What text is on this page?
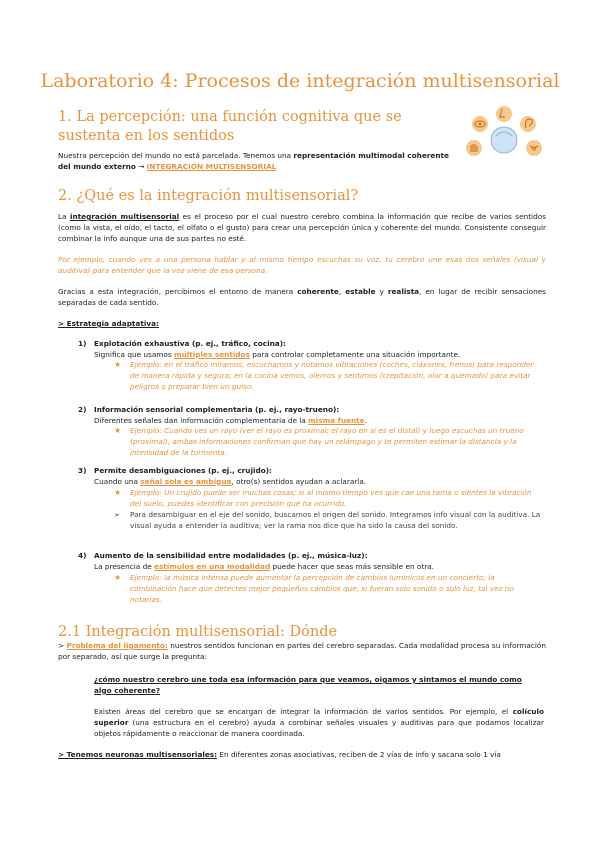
Laboratorio 4: Procesos de integración multisensorial
1. La percepción: una función cognitiva que se sustenta en los sentidos
Nuestra percepción del mundo no está parcelada. Tenemos una representación multimodal coherente del mundo externo → INTEGRACIÓN MULTISENSORIAL
2. ¿Qué es la integración multisensorial?
La integración multisensorial es el proceso por el cual nuestro cerebro combina la información que recibe de varios sentidos (como la vista, el oído, el tacto, el olfato o el gusto) para crear una percepción única y coherente del mundo. Consistente conseguir combinar la info aunque una de sus partes no esté.
Por ejemplo, cuando ves a una persona hablar y al mismo tiempo escuchas su voz, tu cerebro une esas dos señales (visual y auditiva) para entender que la voz viene de esa persona.
Gracias a esta integración, percibimos el entorno de manera coherente, estable y realista, en lugar de recibir sensaciones separadas de cada sentido.
> Estrategia adaptativa:
1) Explotación exhaustiva (p. ej., tráfico, cocina):
Significa que usamos múltiples sentidos para controlar completamente una situación importante.
★ Ejemplo: en el tráfico miramos, escuchamos y notamos vibraciones (coches, cláxones, frenos) para responder de manera rápida y segura; en la cocina vemos, olemos y sentimos (crepitación, olor a quemado) para evitar peligros o preparar bien un guiso.
2) Información sensorial complementaria (p. ej., rayo-trueno):
Diferentes señales dan información complementaria de la misma fuente.
★ Ejemplo: Cuando ves un rayo (ver el rayo es proximal; el rayo en sí es el distal) y luego escuchas un trueno (proximal), ambas informaciones confirman que hay un relámpago y te permiten estimar la distancia y la intensidad de la tormenta.
3) Permite desambiguaciones (p. ej., crujido):
Cuando una señal sola es ambigua, otro(s) sentidos ayudan a aclararla.
★ Ejemplo: Un crujido puede ser muchas cosas; si al mismo tiempo ves que cae una rama o sientes la vibración del suelo, puedes identificar con precisión qué ha ocurrido.
➢ Para desambiguar en el eje del sonido, buscamos el origen del sonido. Integramos info visual con la auditiva. La visual ayuda a entender la auditiva; ver la rama nos dice que ha sido la causa del sonido.
4) Aumento de la sensibilidad entre modalidades (p. ej., música-luz):
La presencia de estímulos en una modalidad puede hacer que seas más sensible en otra.
★ Ejemplo: la música intensa puede aumentar la percepción de cambios lumínicos en un concierto; la combinación hace que detectes mejor pequeños cambios que, si fueran solo sonido o solo luz, tal vez no notarías.
2.1 Integración multisensorial: Dónde
> Problema del ligamento: nuestros sentidos funcionan en partes del cerebro separadas. Cada modalidad procesa su información por separado, así que surge la pregunta:
¿cómo nuestro cerebro une toda esa información para que veamos, oigamos y sintamos el mundo como algo coherente?
Existen áreas del cerebro que se encargan de integrar la información de varios sentidos. Por ejemplo, el colículo superior (una estructura en el cerebro) ayuda a combinar señales visuales y auditivas para que podamos localizar objetos rápidamente o reaccionar de manera coordinada.
> Tenemos neuronas multisensoriales: En diferentes zonas asociativas, reciben de 2 vías de info y sacana solo 1 vía
